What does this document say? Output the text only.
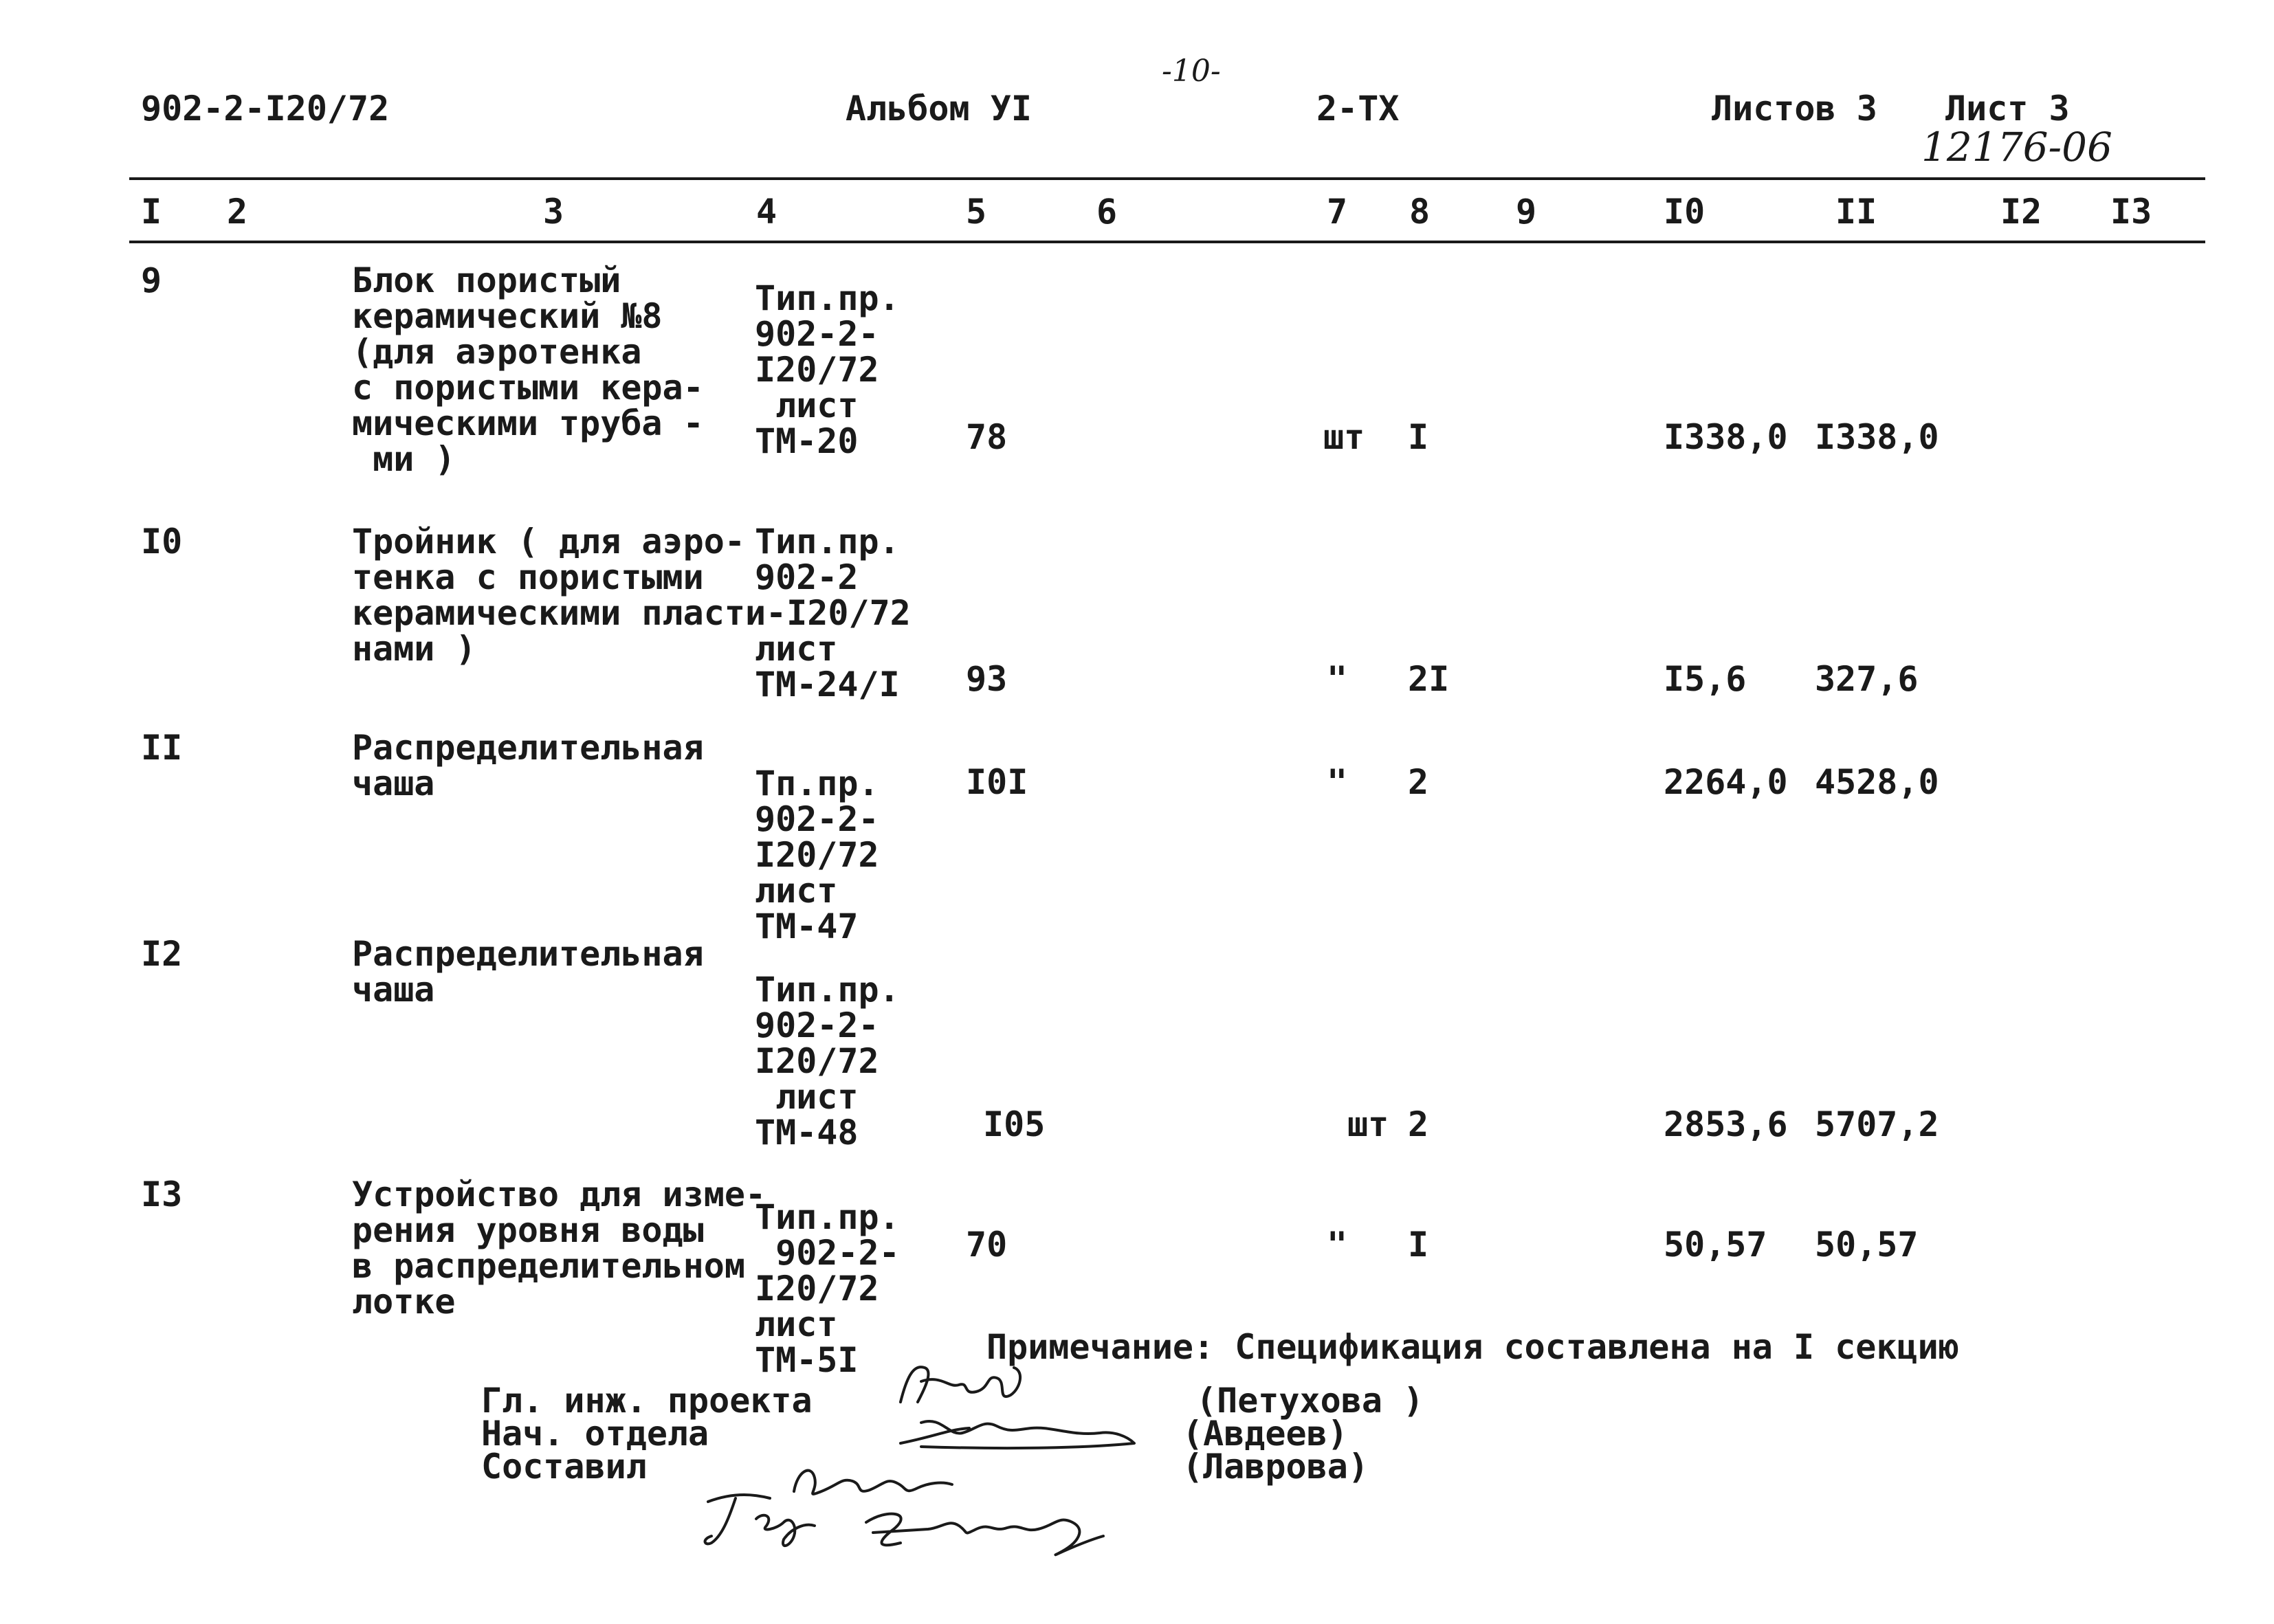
902-2-I20/72	Альбом УI
-10-
2-ТХ	Листов 3 Лист 3
12176-06
I 2	3	4	5	6	7 8 9	I0	II	I2 I3
9	Блок пористый
керамический №8
(для аэротенка
с пористыми кера-
мическими труба -
ми )
Тип.пр.
902-2-
I20/72
лист
ТМ-20	78	шт I	I338,0 I338,0
I0	Тройник ( для аэро-
тенка с пористыми
керамическими пласти-I20/72
нами )
Тип.пр.
902-2

лист
ТМ-24/I 93	" 2I	I5,6 327,6
II	Распределительная
чаша	Тп.пр.
902-2-
I20/72
лист
ТМ-47
I0I	" 2	2264,0 4528,0
I2	Распределительная
чаша	Тип.пр.
902-2-
I20/72
лист
ТМ-48	I05	шт 2	2853,6 5707,2
I3	Устройство для изме-
рения уровня воды
в распределительном
лотке
Тип.пр.
902-2-
I20/72
лист
ТМ-5I
70	" I	50,57 50,57
Примечание: Спецификация составлена на I секцию
Гл. инж. проекта
Нач. отдела
Составил
(Петухова )
(Авдеев)
(Лаврова)
